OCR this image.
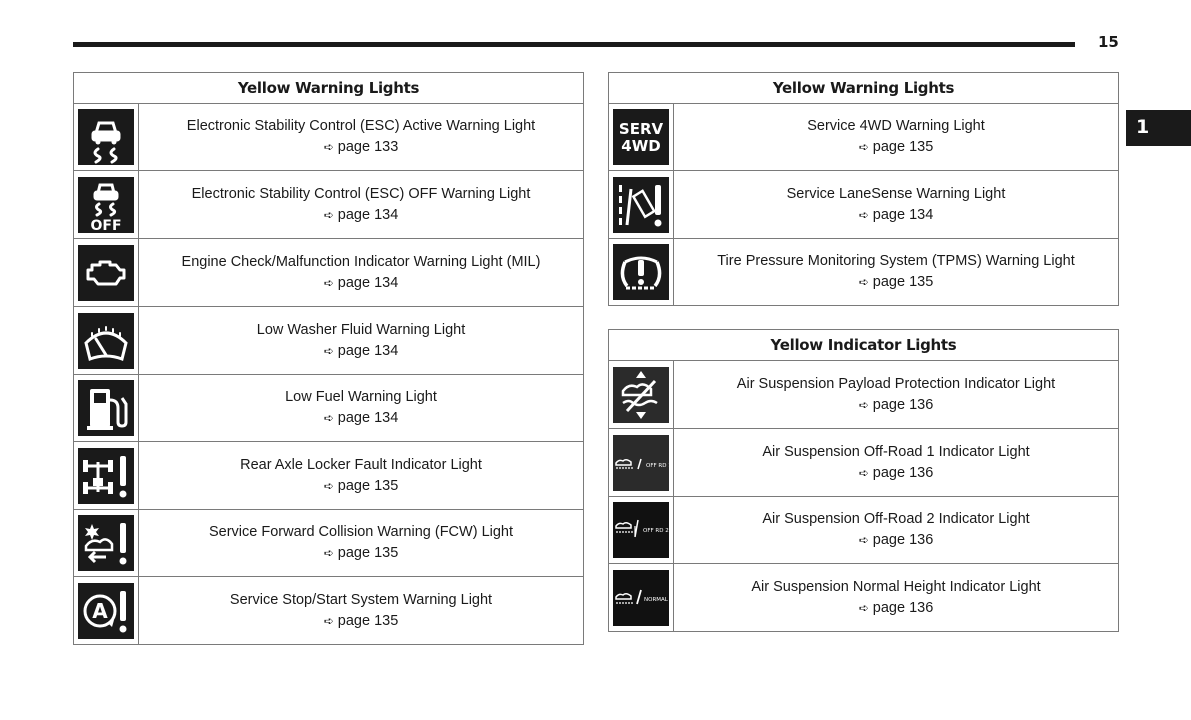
15
1
Yellow Warning Lights	

Electronic Stability Control (ESC) Active Warning Light
➪ page 133

OFF	Electronic Stability Control (ESC) OFF Warning Light
➪ page 134

Engine Check/Malfunction Indicator Warning Light (MIL)
➪ page 134

Low Washer Fluid Warning Light
➪ page 134

Low Fuel Warning Light
➪ page 134

Rear Axle Locker Fault Indicator Light
➪ page 135

Service Forward Collision Warning (FCW) Light
➪ page 135

A	Service Stop/Start System Warning Light
➪ page 135
Yellow Warning Lights	

SERV
4WD	Service 4WD Warning Light
➪ page 135

Service LaneSense Warning Light
➪ page 134

Tire Pressure Monitoring System (TPMS) Warning Light
➪ page 135
Yellow Indicator Lights	

Air Suspension Payload Protection Indicator Light
➪ page 136

OFF RD 1	Air Suspension Off-Road 1 Indicator Light
➪ page 136

OFF RD 2	Air Suspension Off-Road 2 Indicator Light
➪ page 136

NORMAL	Air Suspension Normal Height Indicator Light
➪ page 136
